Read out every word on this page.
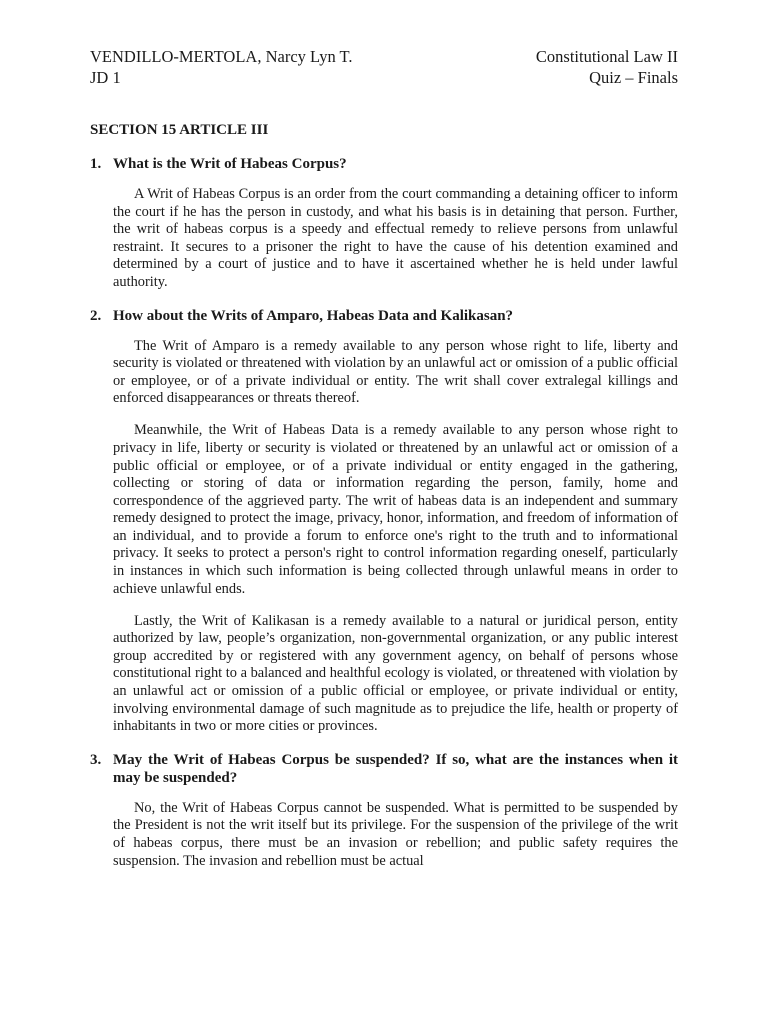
VENDILLO-MERTOLA, Narcy Lyn T.
JD 1
Constitutional Law II
Quiz – Finals
SECTION 15 ARTICLE III
1. What is the Writ of Habeas Corpus?

A Writ of Habeas Corpus is an order from the court commanding a detaining officer to inform the court if he has the person in custody, and what his basis is in detaining that person. Further, the writ of habeas corpus is a speedy and effectual remedy to relieve persons from unlawful restraint. It secures to a prisoner the right to have the cause of his detention examined and determined by a court of justice and to have it ascertained whether he is held under lawful authority.

2. How about the Writs of Amparo, Habeas Data and Kalikasan?

The Writ of Amparo is a remedy available to any person whose right to life, liberty and security is violated or threatened with violation by an unlawful act or omission of a public official or employee, or of a private individual or entity. The writ shall cover extralegal killings and enforced disappearances or threats thereof.

Meanwhile, the Writ of Habeas Data is a remedy available to any person whose right to privacy in life, liberty or security is violated or threatened by an unlawful act or omission of a public official or employee, or of a private individual or entity engaged in the gathering, collecting or storing of data or information regarding the person, family, home and correspondence of the aggrieved party. The writ of habeas data is an independent and summary remedy designed to protect the image, privacy, honor, information, and freedom of information of an individual, and to provide a forum to enforce one's right to the truth and to informational privacy. It seeks to protect a person's right to control information regarding oneself, particularly in instances in which such information is being collected through unlawful means in order to achieve unlawful ends.

Lastly, the Writ of Kalikasan is a remedy available to a natural or juridical person, entity authorized by law, people’s organization, non-governmental organization, or any public interest group accredited by or registered with any government agency, on behalf of persons whose constitutional right to a balanced and healthful ecology is violated, or threatened with violation by an unlawful act or omission of a public official or employee, or private individual or entity, involving environmental damage of such magnitude as to prejudice the life, health or property of inhabitants in two or more cities or provinces.

3. May the Writ of Habeas Corpus be suspended? If so, what are the instances when it may be suspended?

No, the Writ of Habeas Corpus cannot be suspended. What is permitted to be suspended by the President is not the writ itself but its privilege. For the suspension of the privilege of the writ of habeas corpus, there must be an invasion or rebellion; and public safety requires the suspension. The invasion and rebellion must be actual
